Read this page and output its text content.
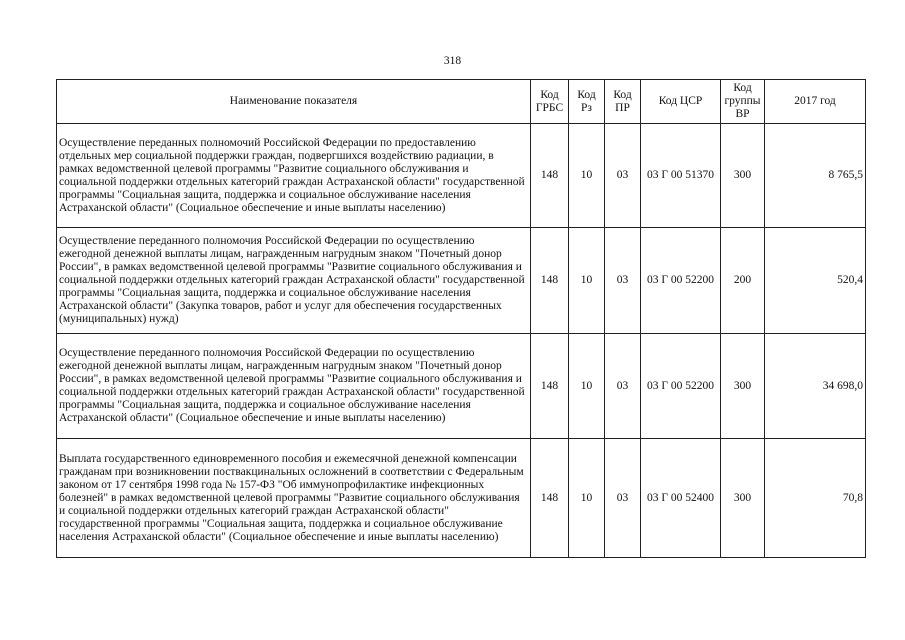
318
Наименование показателя	Код ГРБС	Код Рз	Код ПР	Код ЦСР	Код группы ВР	2017 год
Осуществление переданных полномочий Российской Федерации по предоставлению отдельных мер социальной поддержки граждан, подвергшихся воздействию радиации, в рамках ведомственной целевой программы "Развитие социального обслуживания и социальной поддержки отдельных категорий граждан Астраханской области" государственной программы "Социальная защита, поддержка и социальное обслуживание населения Астраханской области" (Социальное обеспечение и иные выплаты населению)	148	10	03	03 Г 00 51370	300	8 765,5
Осуществление переданного полномочия Российской Федерации по осуществлению ежегодной денежной выплаты лицам, награжденным нагрудным знаком "Почетный донор России", в рамках ведомственной целевой программы "Развитие социального обслуживания и социальной поддержки отдельных категорий граждан Астраханской области" государственной программы "Социальная защита, поддержка и социальное обслуживание населения Астраханской области" (Закупка товаров, работ и услуг для обеспечения государственных (муниципальных) нужд)	148	10	03	03 Г 00 52200	200	520,4
Осуществление переданного полномочия Российской Федерации по осуществлению ежегодной денежной выплаты лицам, награжденным нагрудным знаком "Почетный донор России", в рамках ведомственной целевой программы "Развитие социального обслуживания и социальной поддержки отдельных категорий граждан Астраханской области" государственной программы "Социальная защита, поддержка и социальное обслуживание населения Астраханской области" (Социальное обеспечение и иные выплаты населению)	148	10	03	03 Г 00 52200	300	34 698,0
Выплата государственного единовременного пособия и ежемесячной денежной компенсации гражданам при возникновении поствакцинальных осложнений в соответствии с Федеральным законом от 17 сентября 1998 года № 157-ФЗ "Об иммунопрофилактике инфекционных болезней" в рамках ведомственной целевой программы "Развитие социального обслуживания и социальной поддержки отдельных категорий граждан Астраханской области" государственной программы "Социальная защита, поддержка и социальное обслуживание населения Астраханской области" (Социальное обеспечение и иные выплаты населению)	148	10	03	03 Г 00 52400	300	70,8
